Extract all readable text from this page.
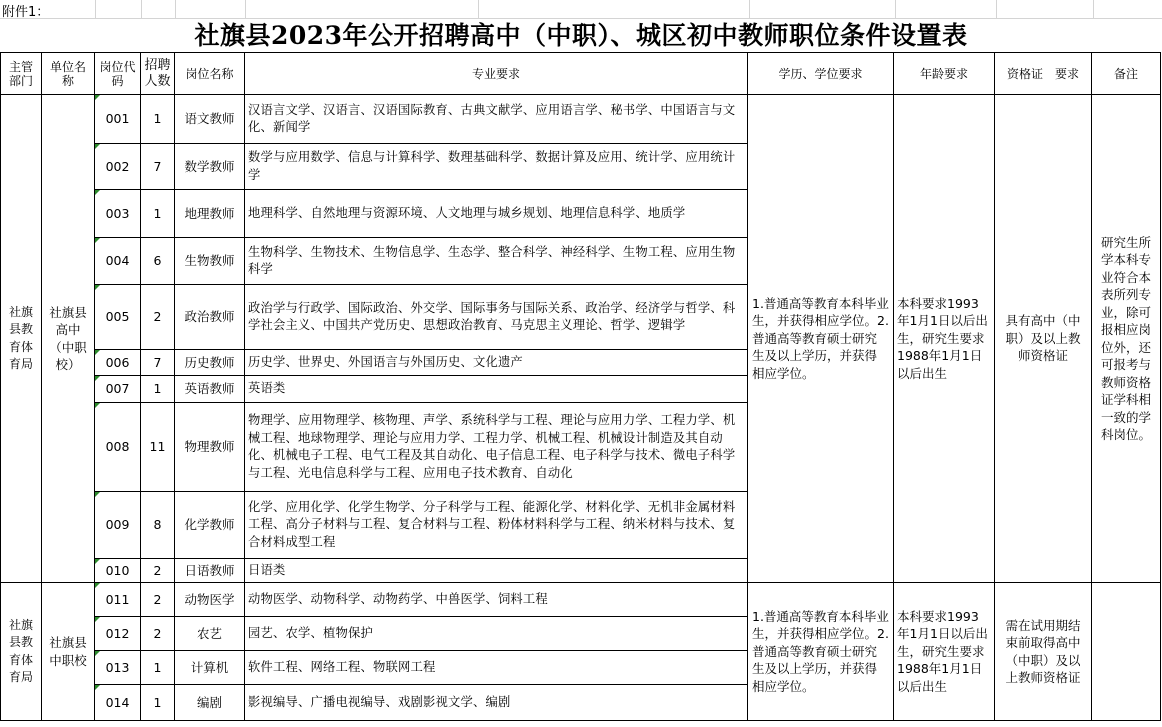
附件1：
社旗县2023年公开招聘高中（中职）、城区初中教师职位条件设置表
主管部门	单位名称	岗位代码	招聘人数	岗位名称	专业要求	学历、学位要求	年龄要求	资格证　要求	备注
社旗县教育体育局	社旗县高中（中职校）	001	1	语文教师	汉语言文学、汉语言、汉语国际教育、古典文献学、应用语言学、秘书学、中国语言与文化、新闻学	1.普通高等教育本科毕业生，并获得相应学位。2.普通高等教育硕士研究生及以上学历，并获得相应学位。	本科要求1993年1月1日以后出生，研究生要求1988年1月1日以后出生	具有高中（中职）及以上教师资格证	研究生所学本科专业符合本表所列专业，除可报相应岗位外，还可报考与教师资格证学科相一致的学科岗位。
		002	7	数学教师	数学与应用数学、信息与计算科学、数理基础科学、数据计算及应用、统计学、应用统计学				
		003	1	地理教师	地理科学、自然地理与资源环境、人文地理与城乡规划、地理信息科学、地质学				
		004	6	生物教师	生物科学、生物技术、生物信息学、生态学、整合科学、神经科学、生物工程、应用生物科学				
		005	2	政治教师	政治学与行政学、国际政治、外交学、国际事务与国际关系、政治学、经济学与哲学、科学社会主义、中国共产党历史、思想政治教育、马克思主义理论、哲学、逻辑学				
		006	7	历史教师	历史学、世界史、外国语言与外国历史、文化遗产				
		007	1	英语教师	英语类				
		008	11	物理教师	物理学、应用物理学、核物理、声学、系统科学与工程、理论与应用力学、工程力学、机械工程、地球物理学、理论与应用力学、工程力学、机械工程、机械设计制造及其自动化、机械电子工程、电气工程及其自动化、电子信息工程、电子科学与技术、微电子科学与工程、光电信息科学与工程、应用电子技术教育、自动化				
		009	8	化学教师	化学、应用化学、化学生物学、分子科学与工程、能源化学、材料化学、无机非金属材料工程、高分子材料与工程、复合材料与工程、粉体材料科学与工程、纳米材料与技术、复合材料成型工程				
		010	2	日语教师	日语类				
社旗县教育体育局	社旗县中职校	011	2	动物医学	动物医学、动物科学、动物药学、中兽医学、饲料工程	1.普通高等教育本科毕业生，并获得相应学位。2.普通高等教育硕士研究生及以上学历，并获得相应学位。	本科要求1993年1月1日以后出生，研究生要求1988年1月1日以后出生	需在试用期结束前取得高中（中职）及以上教师资格证	
		012	2	农艺	园艺、农学、植物保护				
		013	1	计算机	软件工程、网络工程、物联网工程				
		014	1	编剧	影视编导、广播电视编导、戏剧影视文学、编剧				
